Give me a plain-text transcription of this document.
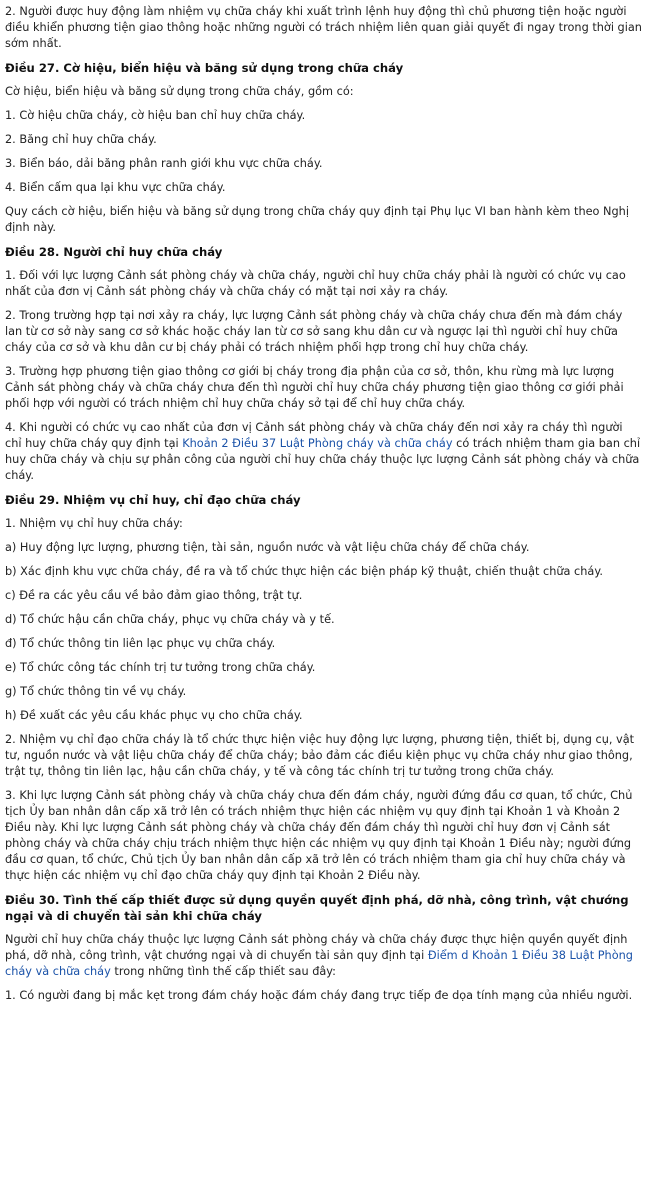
2. Người được huy động làm nhiệm vụ chữa cháy khi xuất trình lệnh huy động thì chủ phương tiện hoặc người điều khiển phương tiện giao thông hoặc những người có trách nhiệm liên quan giải quyết đi ngay trong thời gian sớm nhất.

Điều 27. Cờ hiệu, biển hiệu và băng sử dụng trong chữa cháy

Cờ hiệu, biển hiệu và băng sử dụng trong chữa cháy, gồm có:

1. Cờ hiệu chữa cháy, cờ hiệu ban chỉ huy chữa cháy.

2. Băng chỉ huy chữa cháy.

3. Biển báo, dải băng phân ranh giới khu vực chữa cháy.

4. Biển cấm qua lại khu vực chữa cháy.

Quy cách cờ hiệu, biển hiệu và băng sử dụng trong chữa cháy quy định tại Phụ lục VI ban hành kèm theo Nghị định này.

Điều 28. Người chỉ huy chữa cháy

1. Đối với lực lượng Cảnh sát phòng cháy và chữa cháy, người chỉ huy chữa cháy phải là người có chức vụ cao nhất của đơn vị Cảnh sát phòng cháy và chữa cháy có mặt tại nơi xảy ra cháy.

2. Trong trường hợp tại nơi xảy ra cháy, lực lượng Cảnh sát phòng cháy và chữa cháy chưa đến mà đám cháy lan từ cơ sở này sang cơ sở khác hoặc cháy lan từ cơ sở sang khu dân cư và ngược lại thì người chỉ huy chữa cháy của cơ sở và khu dân cư bị cháy phải có trách nhiệm phối hợp trong chỉ huy chữa cháy.

3. Trường hợp phương tiện giao thông cơ giới bị cháy trong địa phận của cơ sở, thôn, khu rừng mà lực lượng Cảnh sát phòng cháy và chữa cháy chưa đến thì người chỉ huy chữa cháy phương tiện giao thông cơ giới phải phối hợp với người có trách nhiệm chỉ huy chữa cháy sở tại để chỉ huy chữa cháy.

4. Khi người có chức vụ cao nhất của đơn vị Cảnh sát phòng cháy và chữa cháy đến nơi xảy ra cháy thì người chỉ huy chữa cháy quy định tại Khoản 2 Điều 37 Luật Phòng cháy và chữa cháy có trách nhiệm tham gia ban chỉ huy chữa cháy và chịu sự phân công của người chỉ huy chữa cháy thuộc lực lượng Cảnh sát phòng cháy và chữa cháy.

Điều 29. Nhiệm vụ chỉ huy, chỉ đạo chữa cháy

1. Nhiệm vụ chỉ huy chữa cháy:

a) Huy động lực lượng, phương tiện, tài sản, nguồn nước và vật liệu chữa cháy để chữa cháy.

b) Xác định khu vực chữa cháy, đề ra và tổ chức thực hiện các biện pháp kỹ thuật, chiến thuật chữa cháy.

c) Đề ra các yêu cầu về bảo đảm giao thông, trật tự.

d) Tổ chức hậu cần chữa cháy, phục vụ chữa cháy và y tế.

đ) Tổ chức thông tin liên lạc phục vụ chữa cháy.

e) Tổ chức công tác chính trị tư tưởng trong chữa cháy.

g) Tổ chức thông tin về vụ cháy.

h) Đề xuất các yêu cầu khác phục vụ cho chữa cháy.

2. Nhiệm vụ chỉ đạo chữa cháy là tổ chức thực hiện việc huy động lực lượng, phương tiện, thiết bị, dụng cụ, vật tư, nguồn nước và vật liệu chữa cháy để chữa cháy; bảo đảm các điều kiện phục vụ chữa cháy như giao thông, trật tự, thông tin liên lạc, hậu cần chữa cháy, y tế và công tác chính trị tư tưởng trong chữa cháy.

3. Khi lực lượng Cảnh sát phòng cháy và chữa cháy chưa đến đám cháy, người đứng đầu cơ quan, tổ chức, Chủ tịch Ủy ban nhân dân cấp xã trở lên có trách nhiệm thực hiện các nhiệm vụ quy định tại Khoản 1 và Khoản 2 Điều này. Khi lực lượng Cảnh sát phòng cháy và chữa cháy đến đám cháy thì người chỉ huy đơn vị Cảnh sát phòng cháy và chữa cháy chịu trách nhiệm thực hiện các nhiệm vụ quy định tại Khoản 1 Điều này; người đứng đầu cơ quan, tổ chức, Chủ tịch Ủy ban nhân dân cấp xã trở lên có trách nhiệm tham gia chỉ huy chữa cháy và thực hiện các nhiệm vụ chỉ đạo chữa cháy quy định tại Khoản 2 Điều này.

Điều 30. Tình thế cấp thiết được sử dụng quyền quyết định phá, dỡ nhà, công trình, vật chướng ngại và di chuyển tài sản khi chữa cháy

Người chỉ huy chữa cháy thuộc lực lượng Cảnh sát phòng cháy và chữa cháy được thực hiện quyền quyết định phá, dỡ nhà, công trình, vật chướng ngại và di chuyển tài sản quy định tại Điểm d Khoản 1 Điều 38 Luật Phòng cháy và chữa cháy trong những tình thế cấp thiết sau đây:

1. Có người đang bị mắc kẹt trong đám cháy hoặc đám cháy đang trực tiếp đe dọa tính mạng của nhiều người.
